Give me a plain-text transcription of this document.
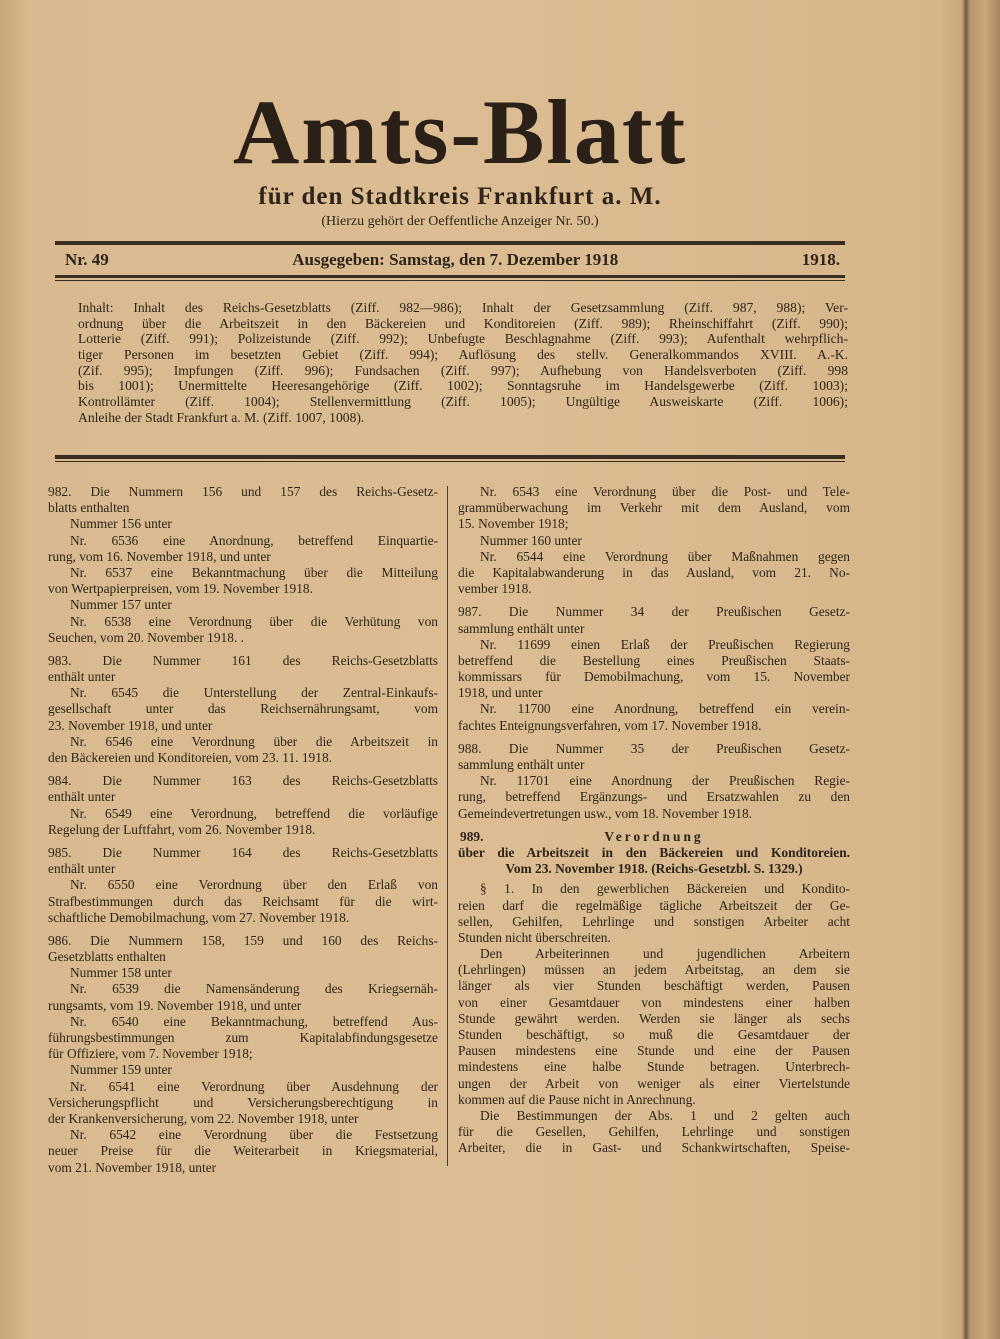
Amts-Blatt
für den Stadtkreis Frankfurt a. M.
(Hierzu gehört der Oeffentliche Anzeiger Nr. 50.)
Nr. 49	Ausgegeben: Samstag, den 7. Dezember 1918	1918.
Inhalt: Inhalt des Reichs-Gesetzblatts (Ziff. 982—986); Inhalt der Gesetzsammlung (Ziff. 987, 988); Ver-
ordnung über die Arbeitszeit in den Bäckereien und Konditoreien (Ziff. 989); Rheinschiffahrt (Ziff. 990);
Lotterie (Ziff. 991); Polizeistunde (Ziff. 992); Unbefugte Beschlagnahme (Ziff. 993); Aufenthalt wehrpflich-
tiger Personen im besetzten Gebiet (Ziff. 994); Auflösung des stellv. Generalkommandos XVIII. A.-K.
(Zif. 995); Impfungen (Ziff. 996); Fundsachen (Ziff. 997); Aufhebung von Handelsverboten (Ziff. 998
bis 1001); Unermittelte Heeresangehörige (Ziff. 1002); Sonntagsruhe im Handelsgewerbe (Ziff. 1003);
Kontrollämter (Ziff. 1004); Stellenvermittlung (Ziff. 1005); Ungültige Ausweiskarte (Ziff. 1006);
Anleihe der Stadt Frankfurt a. M. (Ziff. 1007, 1008).
982. Die Nummern 156 und 157 des Reichs-Gesetz-
blatts enthalten
Nummer 156 unter
Nr. 6536 eine Anordnung, betreffend Einquartie-
rung, vom 16. November 1918, und unter
Nr. 6537 eine Bekanntmachung über die Mitteilung
von Wertpapierpreisen, vom 19. November 1918.
Nummer 157 unter
Nr. 6538 eine Verordnung über die Verhütung von
Seuchen, vom 20. November 1918. .
983. Die Nummer 161 des Reichs-Gesetzblatts
enthält unter
Nr. 6545 die Unterstellung der Zentral-Einkaufs-
gesellschaft unter das Reichsernährungsamt, vom
23. November 1918, und unter
Nr. 6546 eine Verordnung über die Arbeitszeit in
den Bäckereien und Konditoreien, vom 23. 11. 1918.
984. Die Nummer 163 des Reichs-Gesetzblatts
enthält unter
Nr. 6549 eine Verordnung, betreffend die vorläufige
Regelung der Luftfahrt, vom 26. November 1918.
985. Die Nummer 164 des Reichs-Gesetzblatts
enthält unter
Nr. 6550 eine Verordnung über den Erlaß von
Strafbestimmungen durch das Reichsamt für die wirt-
schaftliche Demobilmachung, vom 27. November 1918.
986. Die Nummern 158, 159 und 160 des Reichs-
Gesetzblatts enthalten
Nummer 158 unter
Nr. 6539 die Namensänderung des Kriegsernäh-
rungsamts, vom 19. November 1918, und unter
Nr. 6540 eine Bekanntmachung, betreffend Aus-
führungsbestimmungen zum Kapitalabfindungsgesetze
für Offiziere, vom 7. November 1918;
Nummer 159 unter
Nr. 6541 eine Verordnung über Ausdehnung der
Versicherungspflicht und Versicherungsberechtigung in
der Krankenversicherung, vom 22. November 1918, unter
Nr. 6542 eine Verordnung über die Festsetzung
neuer Preise für die Weiterarbeit in Kriegsmaterial,
vom 21. November 1918, unter
Nr. 6543 eine Verordnung über die Post- und Tele-
grammüberwachung im Verkehr mit dem Ausland, vom
15. November 1918;
Nummer 160 unter
Nr. 6544 eine Verordnung über Maßnahmen gegen
die Kapitalabwanderung in das Ausland, vom 21. No-
vember 1918.
987. Die Nummer 34 der Preußischen Gesetz-
sammlung enthält unter
Nr. 11699 einen Erlaß der Preußischen Regierung
betreffend die Bestellung eines Preußischen Staats-
kommissars für Demobilmachung, vom 15. November
1918, und unter
Nr. 11700 eine Anordnung, betreffend ein verein-
fachtes Enteignungsverfahren, vom 17. November 1918.
988. Die Nummer 35 der Preußischen Gesetz-
sammlung enthält unter
Nr. 11701 eine Anordnung der Preußischen Regie-
rung, betreffend Ergänzungs- und Ersatzwahlen zu den
Gemeindevertretungen usw., vom 18. November 1918.
989.	Verordnung
über die Arbeitszeit in den Bäckereien und Konditoreien.
Vom 23. November 1918. (Reichs-Gesetzbl. S. 1329.)
§ 1. In den gewerblichen Bäckereien und Kondito-
reien darf die regelmäßige tägliche Arbeitszeit der Ge-
sellen, Gehilfen, Lehrlinge und sonstigen Arbeiter acht
Stunden nicht überschreiten.
Den Arbeiterinnen und jugendlichen Arbeitern
(Lehrlingen) müssen an jedem Arbeitstag, an dem sie
länger als vier Stunden beschäftigt werden, Pausen
von einer Gesamtdauer von mindestens einer halben
Stunde gewährt werden. Werden sie länger als sechs
Stunden beschäftigt, so muß die Gesamtdauer der
Pausen mindestens eine Stunde und eine der Pausen
mindestens eine halbe Stunde betragen. Unterbrech-
ungen der Arbeit von weniger als einer Viertelstunde
kommen auf die Pause nicht in Anrechnung.
Die Bestimmungen der Abs. 1 und 2 gelten auch
für die Gesellen, Gehilfen, Lehrlinge und sonstigen
Arbeiter, die in Gast- und Schankwirtschaften, Speise-
